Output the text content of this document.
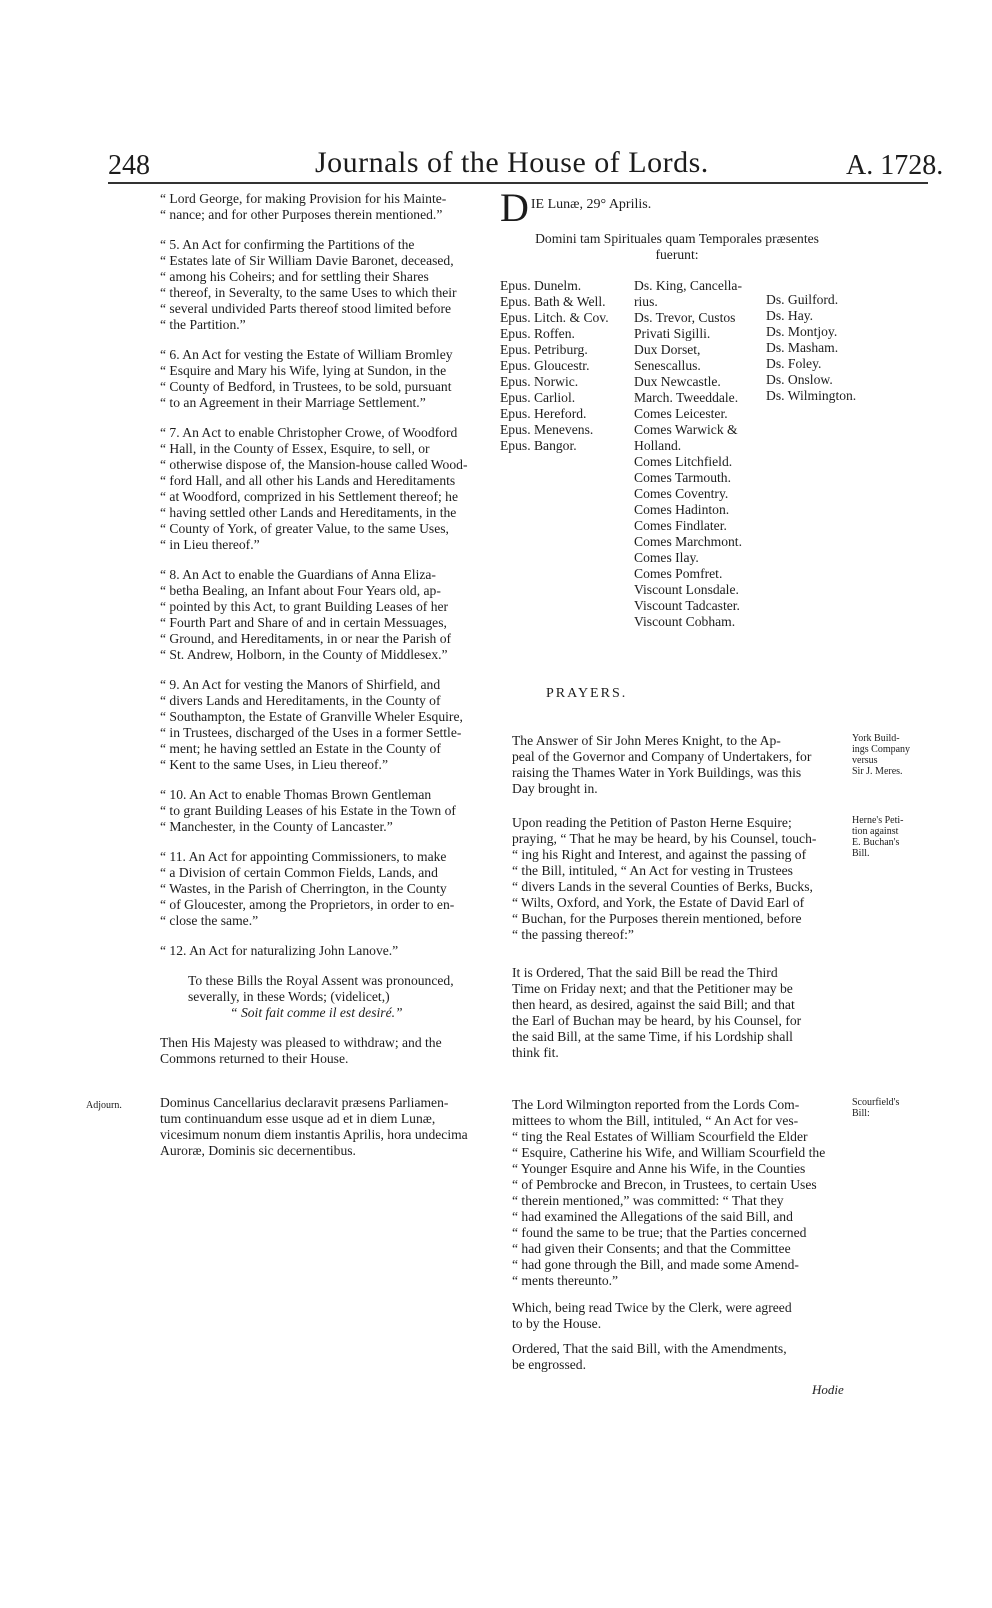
248	Journals of the House of Lords.	A. 1728.

“ Lord George, for making Provision for his Mainte-
“ nance; and for other Purposes therein mentioned.”

“ 5. An Act for confirming the Partitions of the
“ Estates late of Sir William Davie Baronet, deceased,
“ among his Coheirs; and for settling their Shares
“ thereof, in Severalty, to the same Uses to which their
“ several undivided Parts thereof stood limited before
“ the Partition.”

“ 6. An Act for vesting the Estate of William Bromley
“ Esquire and Mary his Wife, lying at Sundon, in the
“ County of Bedford, in Trustees, to be sold, pursuant
“ to an Agreement in their Marriage Settlement.”

“ 7. An Act to enable Christopher Crowe, of Woodford
“ Hall, in the County of Essex, Esquire, to sell, or
“ otherwise dispose of, the Mansion-house called Wood-
“ ford Hall, and all other his Lands and Hereditaments
“ at Woodford, comprized in his Settlement thereof; he
“ having settled other Lands and Hereditaments, in the
“ County of York, of greater Value, to the same Uses,
“ in Lieu thereof.”

“ 8. An Act to enable the Guardians of Anna Eliza-
“ betha Bealing, an Infant about Four Years old, ap-
“ pointed by this Act, to grant Building Leases of her
“ Fourth Part and Share of and in certain Messuages,
“ Ground, and Hereditaments, in or near the Parish of
“ St. Andrew, Holborn, in the County of Middlesex.”

“ 9. An Act for vesting the Manors of Shirfield, and
“ divers Lands and Hereditaments, in the County of
“ Southampton, the Estate of Granville Wheler Esquire,
“ in Trustees, discharged of the Uses in a former Settle-
“ ment; he having settled an Estate in the County of
“ Kent to the same Uses, in Lieu thereof.”

“ 10. An Act to enable Thomas Brown Gentleman
“ to grant Building Leases of his Estate in the Town of
“ Manchester, in the County of Lancaster.”

“ 11. An Act for appointing Commissioners, to make
“ a Division of certain Common Fields, Lands, and
“ Wastes, in the Parish of Cherrington, in the County
“ of Gloucester, among the Proprietors, in order to en-
“ close the same.”

“ 12. An Act for naturalizing John Lanove.”

To these Bills the Royal Assent was pronounced,
severally, in these Words; (videlicet,)

“ Soit fait comme il est desiré.”

Then His Majesty was pleased to withdraw; and the
Commons returned to their House.

Dominus Cancellarius declaravit præsens Parliamen-
tum continuandum esse usque ad et in diem Lunæ,
vicesimum nonum diem instantis Aprilis, hora undecima
Auroræ, Dominis sic decernentibus.

Adjourn.
D IE Lunæ, 29° Aprilis.
Domini tam Spirituales quam Temporales præsentes
fuerunt:
Epus. Dunelm.
Epus. Bath & Well.
Epus. Litch. & Cov.
Epus. Roffen.
Epus. Petriburg.
Epus. Gloucestr.
Epus. Norwic.
Epus. Carliol.
Epus. Hereford.
Epus. Menevens.
Epus. Bangor.
Ds. King, Cancella-
rius.
Ds. Trevor, Custos
Privati Sigilli.
Dux Dorset,
Senescallus.
Dux Newcastle.
March. Tweeddale.
Comes Leicester.
Comes Warwick &
Holland.
Comes Litchfield.
Comes Tarmouth.
Comes Coventry.
Comes Hadinton.
Comes Findlater.
Comes Marchmont.
Comes Ilay.
Comes Pomfret.
Viscount Lonsdale.
Viscount Tadcaster.
Viscount Cobham.
Ds. Guilford.
Ds. Hay.
Ds. Montjoy.
Ds. Masham.
Ds. Foley.
Ds. Onslow.
Ds. Wilmington.
PRAYERS.
The Answer of Sir John Meres Knight, to the Ap-
peal of the Governor and Company of Undertakers, for
raising the Thames Water in York Buildings, was this
Day brought in.
York Build-
ings Company
versus
Sir J. Meres.
Upon reading the Petition of Paston Herne Esquire;
praying, “ That he may be heard, by his Counsel, touch-
“ ing his Right and Interest, and against the passing of
“ the Bill, intituled, “ An Act for vesting in Trustees
“ divers Lands in the several Counties of Berks, Bucks,
“ Wilts, Oxford, and York, the Estate of David Earl of
“ Buchan, for the Purposes therein mentioned, before
“ the passing thereof:”
Herne's Peti-
tion against
E. Buchan's
Bill.
It is Ordered, That the said Bill be read the Third
Time on Friday next; and that the Petitioner may be
then heard, as desired, against the said Bill; and that
the Earl of Buchan may be heard, by his Counsel, for
the said Bill, at the same Time, if his Lordship shall
think fit.
The Lord Wilmington reported from the Lords Com-
mittees to whom the Bill, intituled, “ An Act for ves-
“ ting the Real Estates of William Scourfield the Elder
“ Esquire, Catherine his Wife, and William Scourfield the
“ Younger Esquire and Anne his Wife, in the Counties
“ of Pembrocke and Brecon, in Trustees, to certain Uses
“ therein mentioned,” was committed: “ That they
“ had examined the Allegations of the said Bill, and
“ found the same to be true; that the Parties concerned
“ had given their Consents; and that the Committee
“ had gone through the Bill, and made some Amend-
“ ments thereunto.”
Scourfield's
Bill:
Which, being read Twice by the Clerk, were agreed
to by the House.
Ordered, That the said Bill, with the Amendments,
be engrossed.
Hodie
